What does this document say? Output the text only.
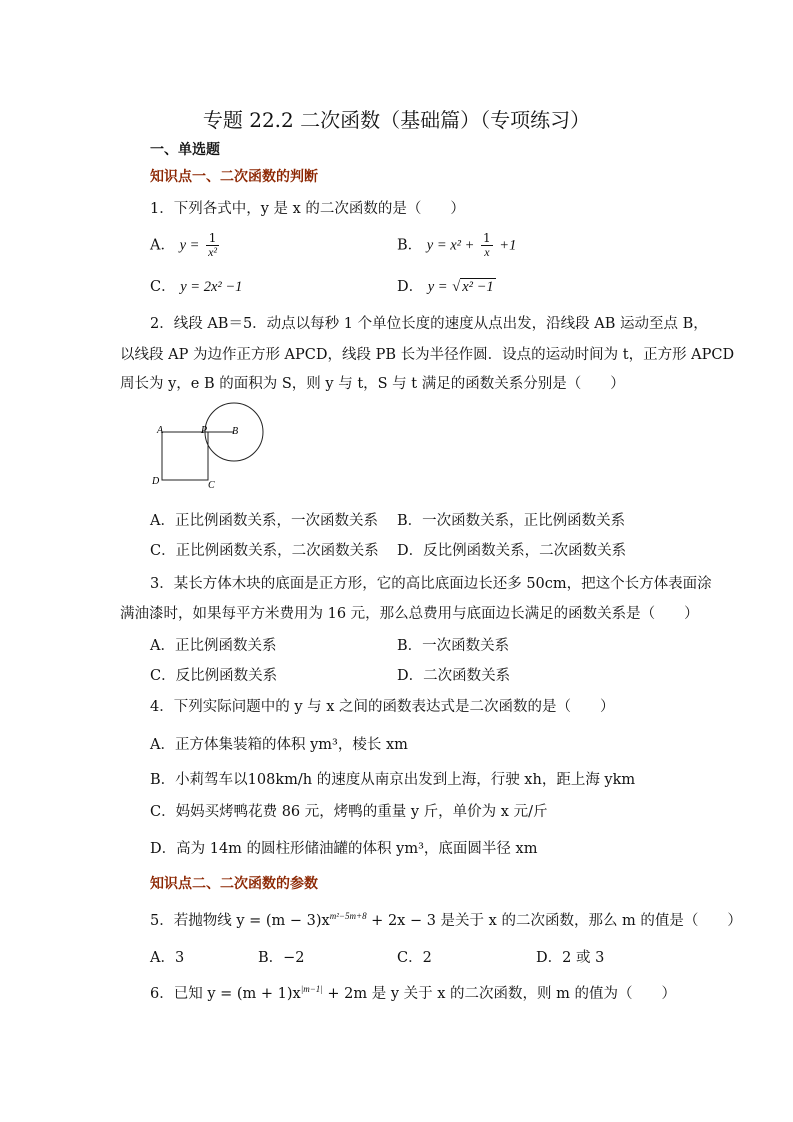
专题 22.2 二次函数（基础篇）（专项练习）
一、单选题
知识点一、二次函数的判断
1．下列各式中，y 是 x 的二次函数的是（　　）
A． $y = \frac{1}{\text{x²}}$	B． $y = x^2 + \frac{1}{x} +1$
C． y = 2x² −1	D． y = √ x² −1
2．线段 AB＝5．动点以每秒 1 个单位长度的速度从点出发，沿线段 AB 运动至点 B，
以线段 AP 为边作正方形 APCD，线段 PB 长为半径作圆．设点的运动时间为 t，正方形 APCD
周长为 y，e B 的面积为 S，则 y 与 t，S 与 t 满足的函数关系分别是（　　）
A	P B
D	C
A．正比例函数关系，一次函数关系 B．一次函数关系，正比例函数关系
C．正比例函数关系，二次函数关系 D．反比例函数关系，二次函数关系
3．某长方体木块的底面是正方形，它的高比底面边长还多 50cm，把这个长方体表面涂
满油漆时，如果每平方米费用为 16 元，那么总费用与底面边长满足的函数关系是（　　）
A．正比例函数关系	B．一次函数关系
C．反比例函数关系	D．二次函数关系
4．下列实际问题中的 y 与 x 之间的函数表达式是二次函数的是（　　）
A．正方体集装箱的体积 ym³，棱长 xm
B．小莉驾车以108km/h 的速度从南京出发到上海，行驶 xh，距上海 ykm
C．妈妈买烤鸭花费 86 元，烤鸭的重量 y 斤，单价为 x 元/斤
D．高为 14m 的圆柱形储油罐的体积 ym³，底面圆半径 xm
知识点二、二次函数的参数
5．若抛物线 $y = (m - 3)x^{m^2-5m+8} + 2x - 3$ 是关于 x 的二次函数，那么 m 的值是（　　）
A．3	B．−2	C．2	D．2 或 3
6．已知 $y = (m + 1)x^{|m-1|} + 2m$ 是 y 关于 x 的二次函数，则 m 的值为（　　）
